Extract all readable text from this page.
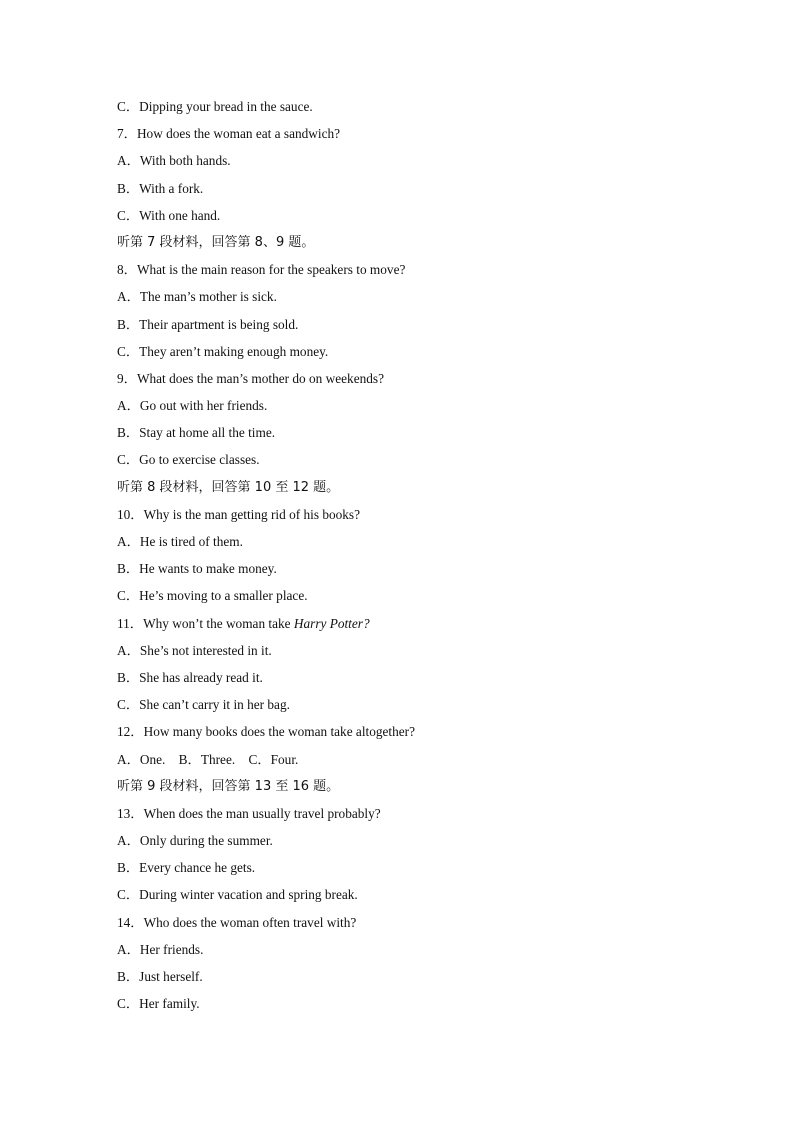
C．Dipping your bread in the sauce.
7．How does the woman eat a sandwich?
A．With both hands.
B．With a fork.
C．With one hand.
听第 7 段材料，回答第 8、9 题。
8．What is the main reason for the speakers to move?
A．The man’s mother is sick.
B．Their apartment is being sold.
C．They aren’t making enough money.
9．What does the man’s mother do on weekends?
A．Go out with her friends.
B．Stay at home all the time.
C．Go to exercise classes.
听第 8 段材料，回答第 10 至 12 题。
10．Why is the man getting rid of his books?
A．He is tired of them.
B．He wants to make money.
C．He’s moving to a smaller place.
11．Why won’t the woman take Harry Potter?
A．She’s not interested in it.
B．She has already read it.
C．She can’t carry it in her bag.
12．How many books does the woman take altogether?
A．One.　B．Three.　C．Four.
听第 9 段材料，回答第 13 至 16 题。
13．When does the man usually travel probably?
A．Only during the summer.
B．Every chance he gets.
C．During winter vacation and spring break.
14．Who does the woman often travel with?
A．Her friends.
B．Just herself.
C．Her family.
